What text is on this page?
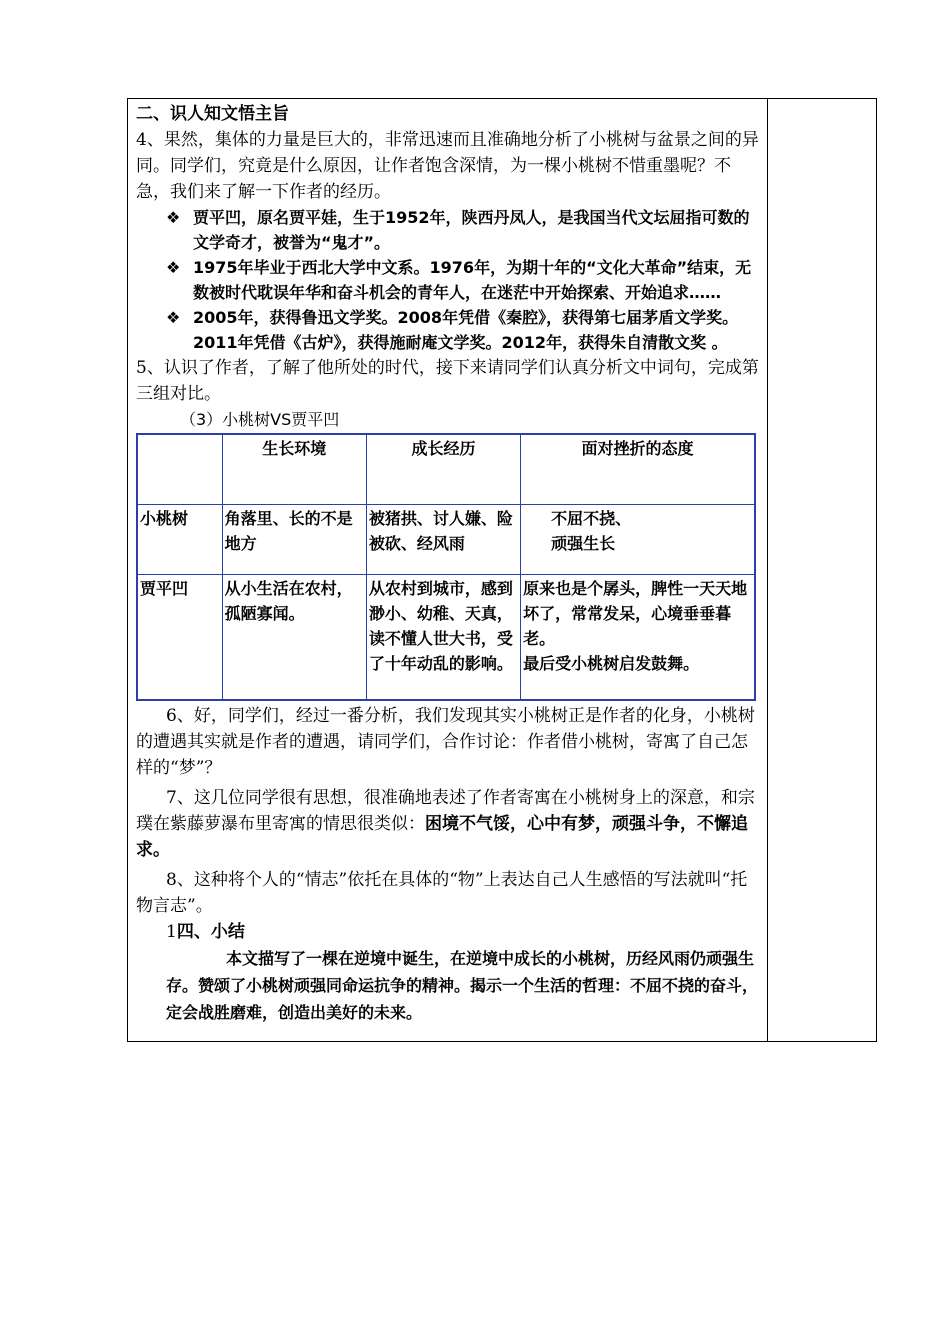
二、识人知文悟主旨

4、果然，集体的力量是巨大的，非常迅速而且准确地分析了小桃树与盆景之间的异同。同学们，究竟是什么原因，让作者饱含深情，为一棵小桃树不惜重墨呢？不急，我们来了解一下作者的经历。

❖ 贾平凹，原名贾平娃，生于1952年，陕西丹凤人，是我国当代文坛屈指可数的文学奇才，被誉为“鬼才”。
❖ 1975年毕业于西北大学中文系。1976年，为期十年的“文化大革命”结束，无数被时代耽误年华和奋斗机会的青年人，在迷茫中开始探索、开始追求……
❖ 2005年，获得鲁迅文学奖。2008年凭借《秦腔》，获得第七届茅盾文学奖。2011年凭借《古炉》，获得施耐庵文学奖。2012年，获得朱自清散文奖 。

5、认识了作者，了解了他所处的时代，接下来请同学们认真分析文中词句，完成第三组对比。

（3）小桃树VS贾平凹

	生长环境	成长经历	面对挫折的态度
小桃树	角落里、长的不是地方	被猪拱、讨人嫌、险被砍、经风雨	不屈不挠、
顽强生长
贾平凹	从小生活在农村，孤陋寡闻。	从农村到城市，感到渺小、幼稚、天真，读不懂人世大书，受了十年动乱的影响。	原来也是个孱头，脾性一天天地坏了，常常发呆，心境垂垂暮老。
最后受小桃树启发鼓舞。

6、好，同学们，经过一番分析，我们发现其实小桃树正是作者的化身，小桃树的遭遇其实就是作者的遭遇，请同学们，合作讨论：作者借小桃树，寄寓了自己怎样的“梦”？

7、这几位同学很有思想，很准确地表述了作者寄寓在小桃树身上的深意，和宗璞在紫藤萝瀑布里寄寓的情思很类似：困境不气馁，心中有梦，顽强斗争，不懈追求。

8、这种将个人的“情志”依托在具体的“物”上表达自己人生感悟的写法就叫“托物言志”。

1四、小结

本文描写了一棵在逆境中诞生，在逆境中成长的小桃树，历经风雨仍顽强生存。赞颂了小桃树顽强同命运抗争的精神。揭示一个生活的哲理：不屈不挠的奋斗，定会战胜磨难，创造出美好的未来。
